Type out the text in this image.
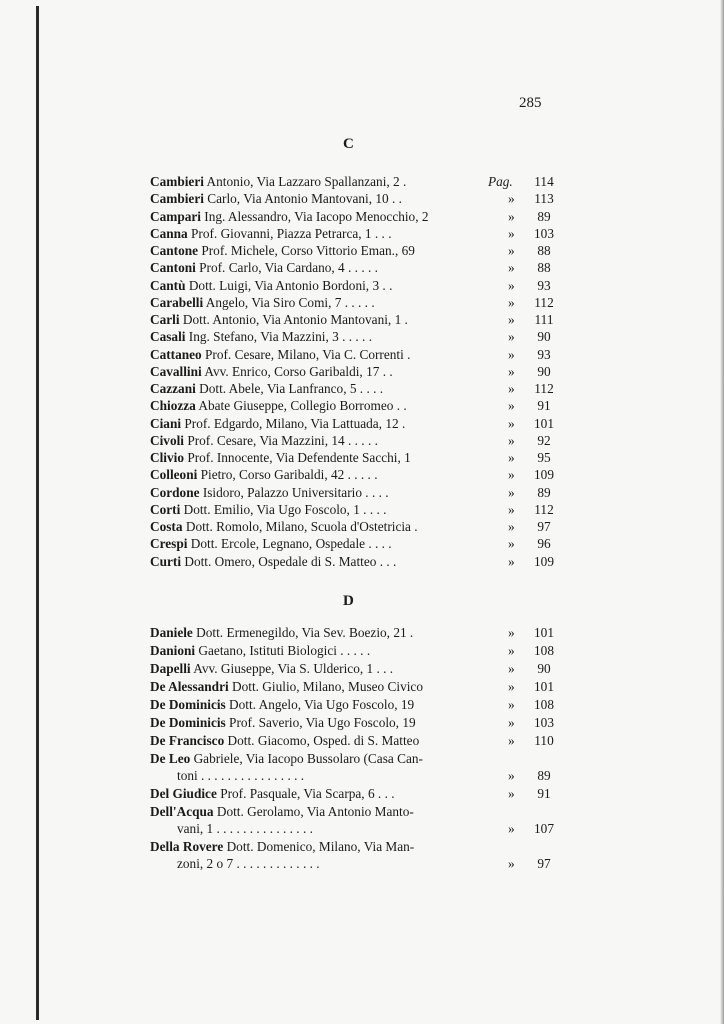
285
C
D
Cambieri Antonio, Via Lazzaro Spallanzani, 2 .	Pag.	114
Cambieri Carlo, Via Antonio Mantovani, 10 . .	»	113
Campari Ing. Alessandro, Via Iacopo Menocchio, 2	»	89
Canna Prof. Giovanni, Piazza Petrarca, 1 . . .	»	103
Cantone Prof. Michele, Corso Vittorio Eman., 69	»	88
Cantoni Prof. Carlo, Via Cardano, 4 . . . . .	»	88
Cantù Dott. Luigi, Via Antonio Bordoni, 3 . .	»	93
Carabelli Angelo, Via Siro Comi, 7 . . . . .	»	112
Carli Dott. Antonio, Via Antonio Mantovani, 1 .	»	111
Casali Ing. Stefano, Via Mazzini, 3 . . . . .	»	90
Cattaneo Prof. Cesare, Milano, Via C. Correnti .	»	93
Cavallini Avv. Enrico, Corso Garibaldi, 17 . .	»	90
Cazzani Dott. Abele, Via Lanfranco, 5 . . . .	»	112
Chiozza Abate Giuseppe, Collegio Borromeo . .	»	91
Ciani Prof. Edgardo, Milano, Via Lattuada, 12 .	»	101
Civoli Prof. Cesare, Via Mazzini, 14 . . . . .	»	92
Clivio Prof. Innocente, Via Defendente Sacchi, 1	»	95
Colleoni Pietro, Corso Garibaldi, 42 . . . . .	»	109
Cordone Isidoro, Palazzo Universitario . . . .	»	89
Corti Dott. Emilio, Via Ugo Foscolo, 1 . . . .	»	112
Costa Dott. Romolo, Milano, Scuola d'Ostetricia .	»	97
Crespi Dott. Ercole, Legnano, Ospedale . . . .	»	96
Curti Dott. Omero, Ospedale di S. Matteo . . .	»	109
Daniele Dott. Ermenegildo, Via Sev. Boezio, 21 .	»	101
Danioni Gaetano, Istituti Biologici . . . . .	»	108
Dapelli Avv. Giuseppe, Via S. Ulderico, 1 . . .	»	90
De Alessandri Dott. Giulio, Milano, Museo Civico	»	101
De Dominicis Dott. Angelo, Via Ugo Foscolo, 19	»	108
De Dominicis Prof. Saverio, Via Ugo Foscolo, 19	»	103
De Francisco Dott. Giacomo, Osped. di S. Matteo	»	110
De Leo Gabriele, Via Iacopo Bussolaro (Casa Can-
toni . . . . . . . . . . . . . . . .	»	89
Del Giudice Prof. Pasquale, Via Scarpa, 6 . . .	»	91
Dell'Acqua Dott. Gerolamo, Via Antonio Manto-
vani, 1 . . . . . . . . . . . . . . .	»	107
Della Rovere Dott. Domenico, Milano, Via Man-
zoni, 2 o 7 . . . . . . . . . . . . .	»	97
